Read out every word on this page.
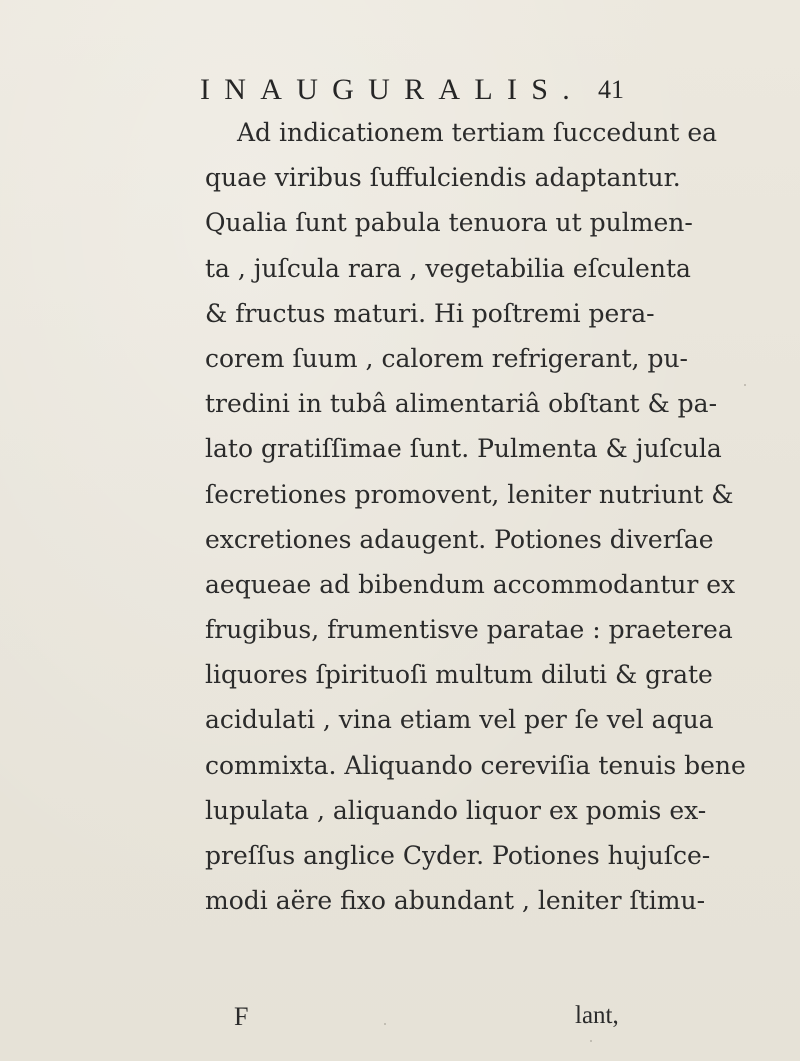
INAUGURALIS. 41
Ad indicationem tertiam ſuccedunt ea
quae viribus ſuffulciendis adaptantur.
Qualia ſunt pabula tenuora ut pulmen-
ta , juſcula rara , vegetabilia eſculenta
& fructus maturi. Hi poſtremi pera-
corem ſuum , calorem refrigerant, pu-
tredini in tubâ alimentariâ obſtant & pa-
lato gratiſſimae ſunt. Pulmenta & juſcula
ſecretiones promovent, leniter nutriunt &
excretiones adaugent. Potiones diverſae
aequeae ad bibendum accommodantur ex
frugibus, frumentisve paratae : praeterea
liquores ſpirituoſi multum diluti & grate
acidulati , vina etiam vel per ſe vel aqua
commixta. Aliquando cereviſia tenuis bene
lupulata , aliquando liquor ex pomis ex-
preſſus anglice Cyder. Potiones hujuſce-
modi aëre fixo abundant , leniter ſtimu-
F	lant,
